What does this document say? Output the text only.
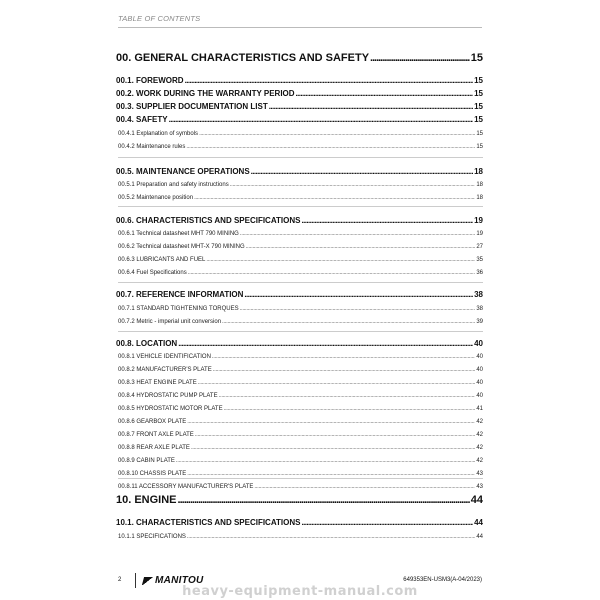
TABLE OF CONTENTS
00. GENERAL CHARACTERISTICS AND SAFETY .....	15
00.1. FOREWORD .....	15
00.2. WORK DURING THE WARRANTY PERIOD .....	15
00.3. SUPPLIER DOCUMENTATION LIST .....	15
00.4. SAFETY .....	15
00.4.1 Explanation of symbols .....	15
00.4.2 Maintenance rules .....	15
00.5. MAINTENANCE OPERATIONS .....	18
00.5.1 Preparation and safety instructions .....	18
00.5.2 Maintenance position .....	18
00.6. CHARACTERISTICS AND SPECIFICATIONS .....	19
00.6.1 Technical datasheet MHT 790 MINING .....	19
00.6.2 Technical datasheet MHT-X 790 MINING .....	27
00.6.3 LUBRICANTS AND FUEL .....	35
00.6.4 Fuel Specifications .....	36
00.7. REFERENCE INFORMATION .....	38
00.7.1 STANDARD TIGHTENING TORQUES .....	38
00.7.2 Metric - imperial unit conversion .....	39
00.8. LOCATION .....	40
00.8.1 VEHICLE IDENTIFICATION .....	40
00.8.2 MANUFACTURER'S PLATE .....	40
00.8.3 HEAT ENGINE PLATE .....	40
00.8.4 HYDROSTATIC PUMP PLATE .....	40
00.8.5 HYDROSTATIC MOTOR PLATE .....	41
00.8.6 GEARBOX PLATE .....	42
00.8.7 FRONT AXLE PLATE .....	42
00.8.8 REAR AXLE PLATE .....	42
00.8.9 CABIN PLATE .....	42
00.8.10 CHASSIS PLATE .....	43
00.8.11 ACCESSORY MANUFACTURER'S PLATE .....	43
10. ENGINE .....	44
10.1. CHARACTERISTICS AND SPECIFICATIONS .....	44
10.1.1 SPECIFICATIONS .....	44
2	MANITOU	649353EN-USM3(A-04/2023)
heavy-equipment-manual.com
